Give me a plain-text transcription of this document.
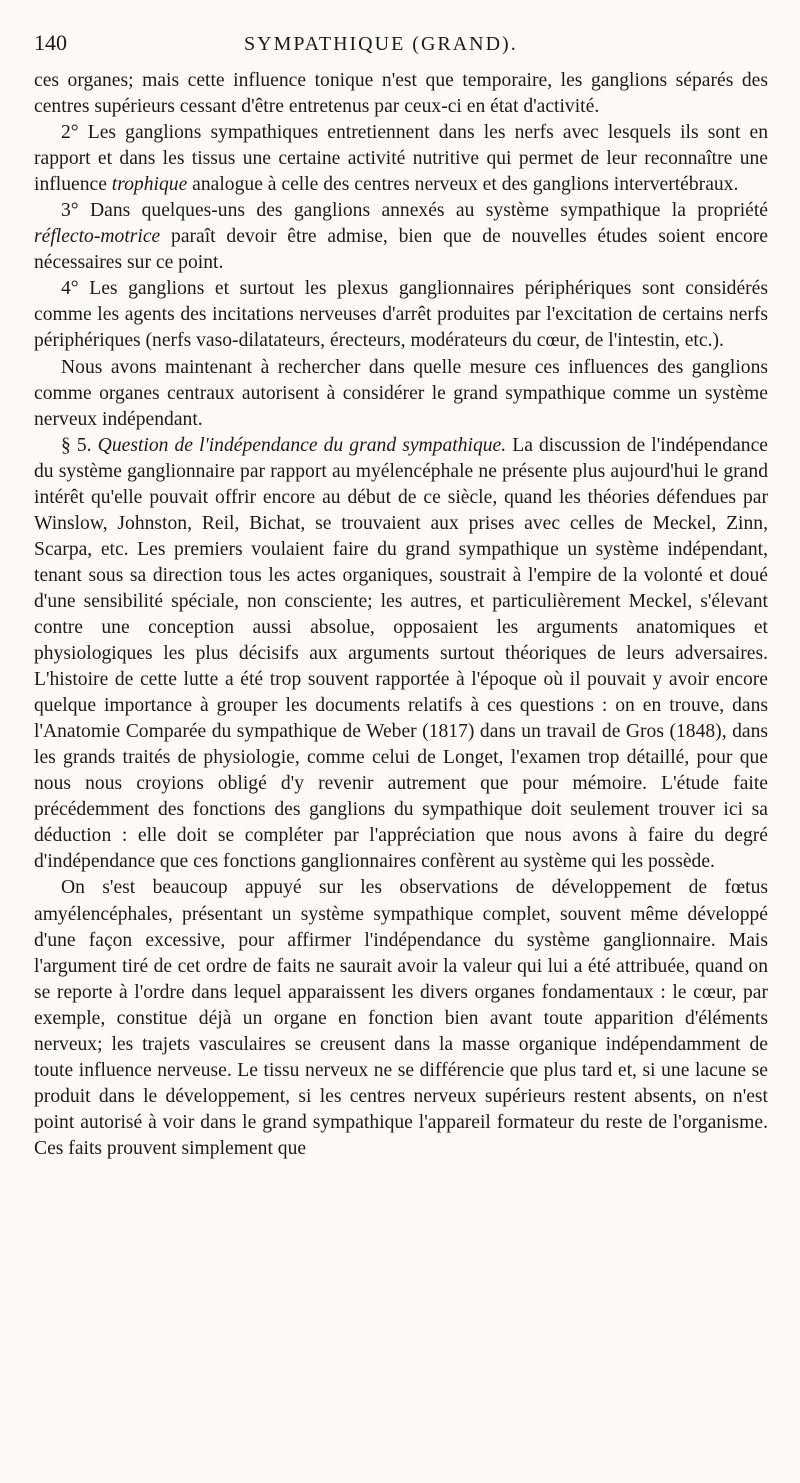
140	SYMPATHIQUE (GRAND).

ces organes; mais cette influence tonique n'est que temporaire, les ganglions séparés des centres supérieurs cessant d'être entretenus par ceux-ci en état d'activité.

2° Les ganglions sympathiques entretiennent dans les nerfs avec lesquels ils sont en rapport et dans les tissus une certaine activité nutritive qui permet de leur reconnaître une influence trophique analogue à celle des centres nerveux et des ganglions intervertébraux.

3° Dans quelques-uns des ganglions annexés au système sympathique la propriété réflecto-motrice paraît devoir être admise, bien que de nouvelles études soient encore nécessaires sur ce point.

4° Les ganglions et surtout les plexus ganglionnaires périphériques sont considérés comme les agents des incitations nerveuses d'arrêt produites par l'excitation de certains nerfs périphériques (nerfs vaso-dilatateurs, érecteurs, modérateurs du cœur, de l'intestin, etc.).

Nous avons maintenant à rechercher dans quelle mesure ces influences des ganglions comme organes centraux autorisent à considérer le grand sympathique comme un système nerveux indépendant.

§ 5. Question de l'indépendance du grand sympathique. La discussion de l'indépendance du système ganglionnaire par rapport au myélencéphale ne présente plus aujourd'hui le grand intérêt qu'elle pouvait offrir encore au début de ce siècle, quand les théories défendues par Winslow, Johnston, Reil, Bichat, se trouvaient aux prises avec celles de Meckel, Zinn, Scarpa, etc. Les premiers voulaient faire du grand sympathique un système indépendant, tenant sous sa direction tous les actes organiques, soustrait à l'empire de la volonté et doué d'une sensibilité spéciale, non consciente; les autres, et particulièrement Meckel, s'élevant contre une conception aussi absolue, opposaient les arguments anatomiques et physiologiques les plus décisifs aux arguments surtout théoriques de leurs adversaires. L'histoire de cette lutte a été trop souvent rapportée à l'époque où il pouvait y avoir encore quelque importance à grouper les documents relatifs à ces questions : on en trouve, dans l'Anatomie Comparée du sympathique de Weber (1817) dans un travail de Gros (1848), dans les grands traités de physiologie, comme celui de Longet, l'examen trop détaillé, pour que nous nous croyions obligé d'y revenir autrement que pour mémoire. L'étude faite précédemment des fonctions des ganglions du sympathique doit seulement trouver ici sa déduction : elle doit se compléter par l'appréciation que nous avons à faire du degré d'indépendance que ces fonctions ganglionnaires confèrent au système qui les possède.

On s'est beaucoup appuyé sur les observations de développement de fœtus amyélencéphales, présentant un système sympathique complet, souvent même développé d'une façon excessive, pour affirmer l'indépendance du système ganglionnaire. Mais l'argument tiré de cet ordre de faits ne saurait avoir la valeur qui lui a été attribuée, quand on se reporte à l'ordre dans lequel apparaissent les divers organes fondamentaux : le cœur, par exemple, constitue déjà un organe en fonction bien avant toute apparition d'éléments nerveux; les trajets vasculaires se creusent dans la masse organique indépendamment de toute influence nerveuse. Le tissu nerveux ne se différencie que plus tard et, si une lacune se produit dans le développement, si les centres nerveux supérieurs restent absents, on n'est point autorisé à voir dans le grand sympathique l'appareil formateur du reste de l'organisme. Ces faits prouvent simplement que
